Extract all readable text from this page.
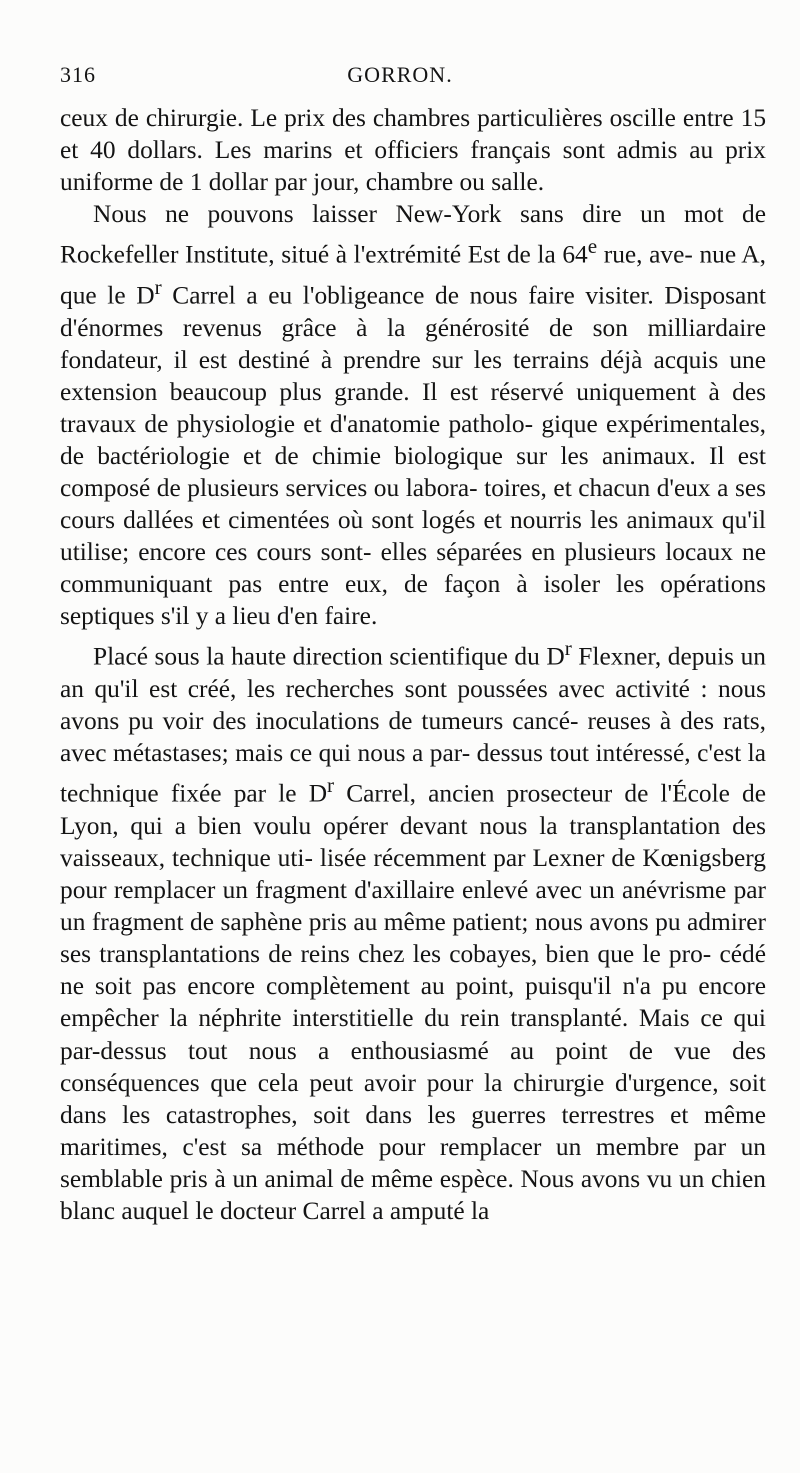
316	GORRON.

ceux de chirurgie. Le prix des chambres particulières oscille entre 15 et 40 dollars. Les marins et officiers français sont admis au prix uniforme de 1 dollar par jour, chambre ou salle.

Nous ne pouvons laisser New-York sans dire un mot de Rockefeller Institute, situé à l'extrémité Est de la 64e rue, ave- nue A, que le $D^r$ Carrel a eu l'obligeance de nous faire visiter. Disposant d'énormes revenus grâce à la générosité de son milliardaire fondateur, il est destiné à prendre sur les terrains déjà acquis une extension beaucoup plus grande. Il est réservé uniquement à des travaux de physiologie et d'anatomie patholo- gique expérimentales, de bactériologie et de chimie biologique sur les animaux. Il est composé de plusieurs services ou labora- toires, et chacun d'eux a ses cours dallées et cimentées où sont logés et nourris les animaux qu'il utilise; encore ces cours sont- elles séparées en plusieurs locaux ne communiquant pas entre eux, de façon à isoler les opérations septiques s'il y a lieu d'en faire.

Placé sous la haute direction scientifique du $D^r$ Flexner, depuis un an qu'il est créé, les recherches sont poussées avec activité : nous avons pu voir des inoculations de tumeurs cancé- reuses à des rats, avec métastases; mais ce qui nous a par- dessus tout intéressé, c'est la technique fixée par le $D^r$ Carrel, ancien prosecteur de l'École de Lyon, qui a bien voulu opérer devant nous la transplantation des vaisseaux, technique uti- lisée récemment par Lexner de Kœnigsberg pour remplacer un fragment d'axillaire enlevé avec un anévrisme par un fragment de saphène pris au même patient; nous avons pu admirer ses transplantations de reins chez les cobayes, bien que le pro- cédé ne soit pas encore complètement au point, puisqu'il n'a pu encore empêcher la néphrite interstitielle du rein transplanté. Mais ce qui par-dessus tout nous a enthousiasmé au point de vue des conséquences que cela peut avoir pour la chirurgie d'urgence, soit dans les catastrophes, soit dans les guerres terrestres et même maritimes, c'est sa méthode pour remplacer un membre par un semblable pris à un animal de même espèce. Nous avons vu un chien blanc auquel le docteur Carrel a amputé la
